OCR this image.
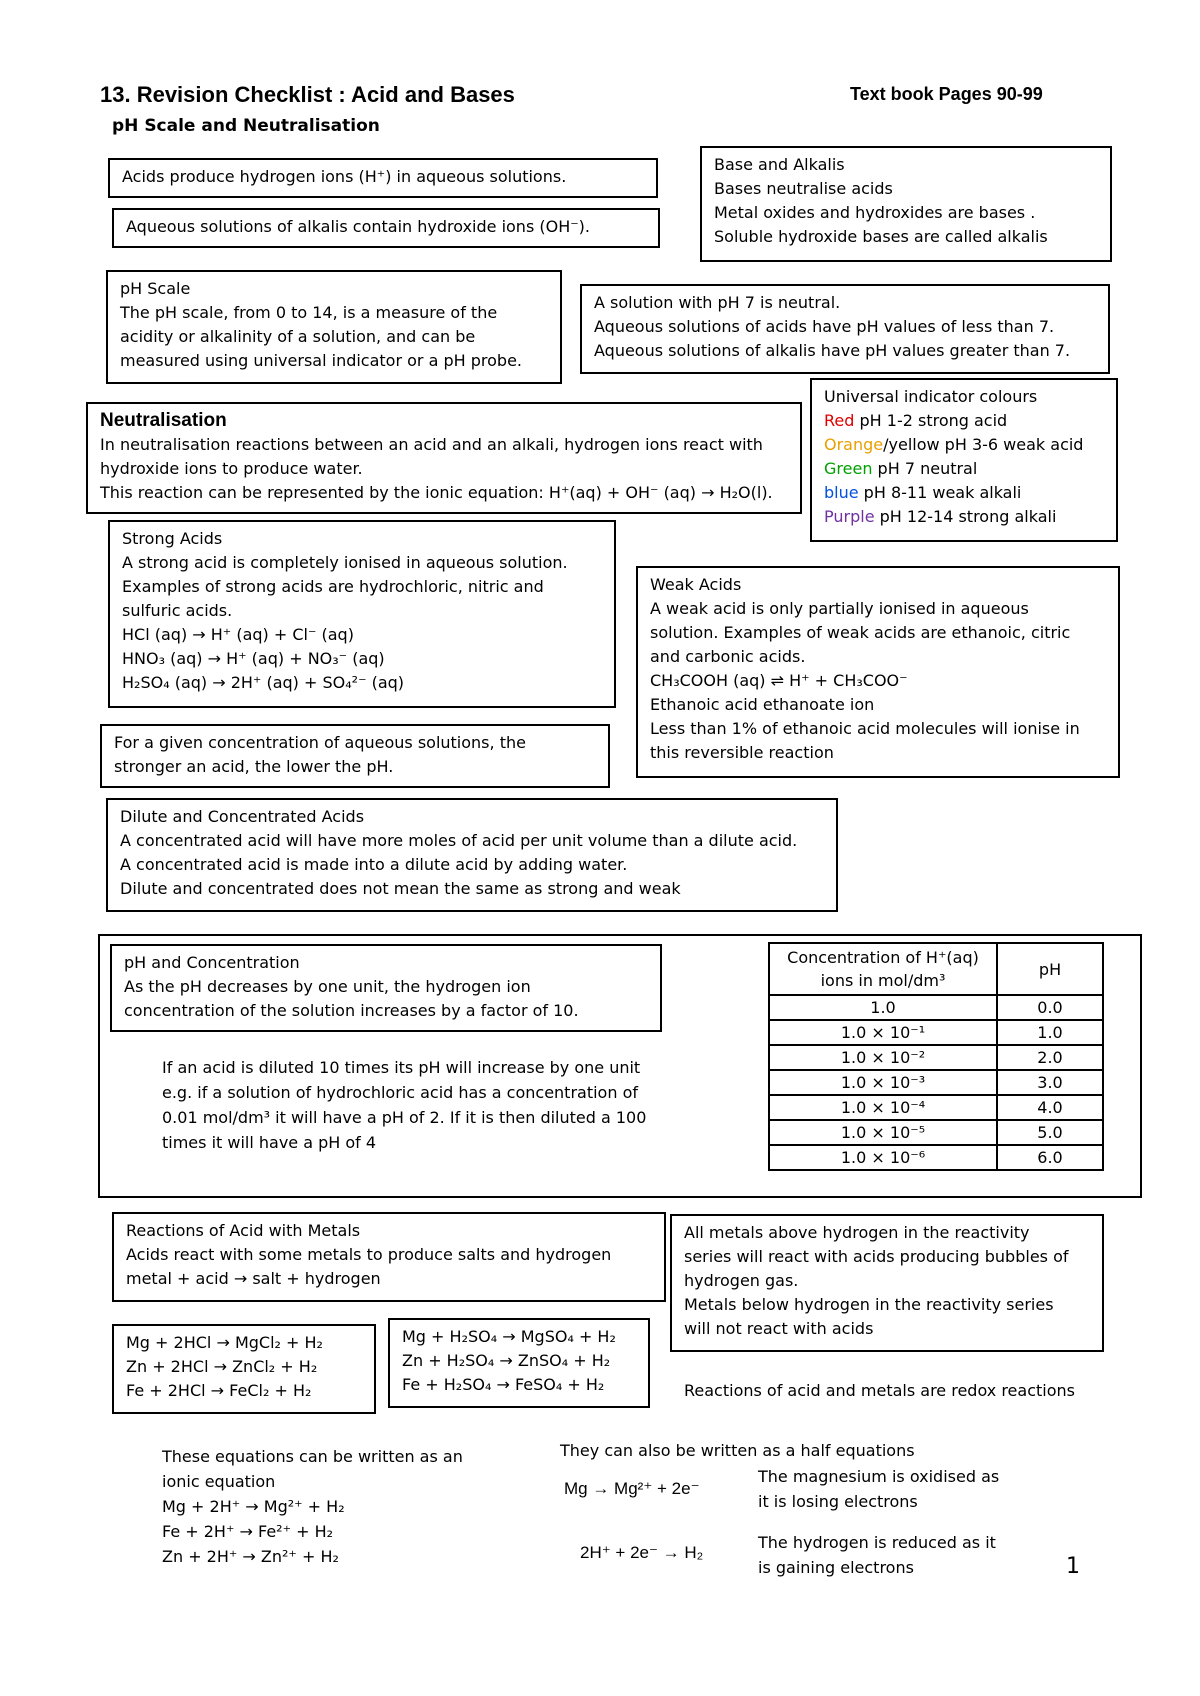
13. Revision Checklist : Acid and Bases	Text book Pages 90-99
pH Scale and Neutralisation
Acids produce hydrogen ions (H⁺) in aqueous solutions.
Aqueous solutions of alkalis contain hydroxide ions (OH⁻).
Base and Alkalis
Bases neutralise acids
Metal oxides and hydroxides are bases .
Soluble hydroxide bases are called alkalis
pH Scale
The pH scale, from 0 to 14, is a measure of the
acidity or alkalinity of a solution, and can be
measured using universal indicator or a pH probe.
A solution with pH 7 is neutral.
Aqueous solutions of acids have pH values of less than 7.
Aqueous solutions of alkalis have pH values greater than 7.
Universal indicator colours
Red pH 1-2 strong acid
Orange/yellow pH 3-6 weak acid
Green pH 7 neutral
blue pH 8-11 weak alkali
Purple pH 12-14 strong alkali
Neutralisation
In neutralisation reactions between an acid and an alkali, hydrogen ions react with
hydroxide ions to produce water.
This reaction can be represented by the ionic equation: H⁺(aq) + OH⁻ (aq) → H₂O(l).
Strong Acids
A strong acid is completely ionised in aqueous solution.
Examples of strong acids are hydrochloric, nitric and
sulfuric acids.
HCl (aq) → H⁺ (aq) + Cl⁻ (aq)
HNO₃ (aq) → H⁺ (aq) + NO₃⁻ (aq)
H₂SO₄ (aq) → 2H⁺ (aq) + SO₄²⁻ (aq)
Weak Acids
A weak acid is only partially ionised in aqueous
solution. Examples of weak acids are ethanoic, citric
and carbonic acids.
CH₃COOH (aq) ⇌ H⁺ + CH₃COO⁻
Ethanoic acid ethanoate ion
Less than 1% of ethanoic acid molecules will ionise in
this reversible reaction
For a given concentration of aqueous solutions, the
stronger an acid, the lower the pH.
Dilute and Concentrated Acids
A concentrated acid will have more moles of acid per unit volume than a dilute acid.
A concentrated acid is made into a dilute acid by adding water.
Dilute and concentrated does not mean the same as strong and weak
pH and Concentration
As the pH decreases by one unit, the hydrogen ion
concentration of the solution increases by a factor of 10.
If an acid is diluted 10 times its pH will increase by one unit
e.g. if a solution of hydrochloric acid has a concentration of
0.01 mol/dm³ it will have a pH of 2. If it is then diluted a 100
times it will have a pH of 4
Concentration of H⁺(aq) ions in mol/dm³	pH
1.0	0.0
1.0 × 10⁻¹	1.0
1.0 × 10⁻²	2.0
1.0 × 10⁻³	3.0
1.0 × 10⁻⁴	4.0
1.0 × 10⁻⁵	5.0
1.0 × 10⁻⁶	6.0
Reactions of Acid with Metals
Acids react with some metals to produce salts and hydrogen
metal + acid → salt + hydrogen
All metals above hydrogen in the reactivity
series will react with acids producing bubbles of
hydrogen gas.
Metals below hydrogen in the reactivity series
will not react with acids
Mg + 2HCl → MgCl₂ + H₂
Zn + 2HCl → ZnCl₂ + H₂
Fe + 2HCl → FeCl₂ + H₂
Mg + H₂SO₄ → MgSO₄ + H₂
Zn + H₂SO₄ → ZnSO₄ + H₂
Fe + H₂SO₄ → FeSO₄ + H₂	Reactions of acid and metals are redox reactions
These equations can be written as an
ionic equation
Mg + 2H⁺ → Mg²⁺ + H₂
Fe + 2H⁺ → Fe²⁺ + H₂
Zn + 2H⁺ → Zn²⁺ + H₂
They can also be written as a half equations
Mg → Mg²⁺ + 2e⁻
The magnesium is oxidised as
it is losing electrons
2H⁺ + 2e⁻ → H₂
The hydrogen is reduced as it
is gaining electrons	1
